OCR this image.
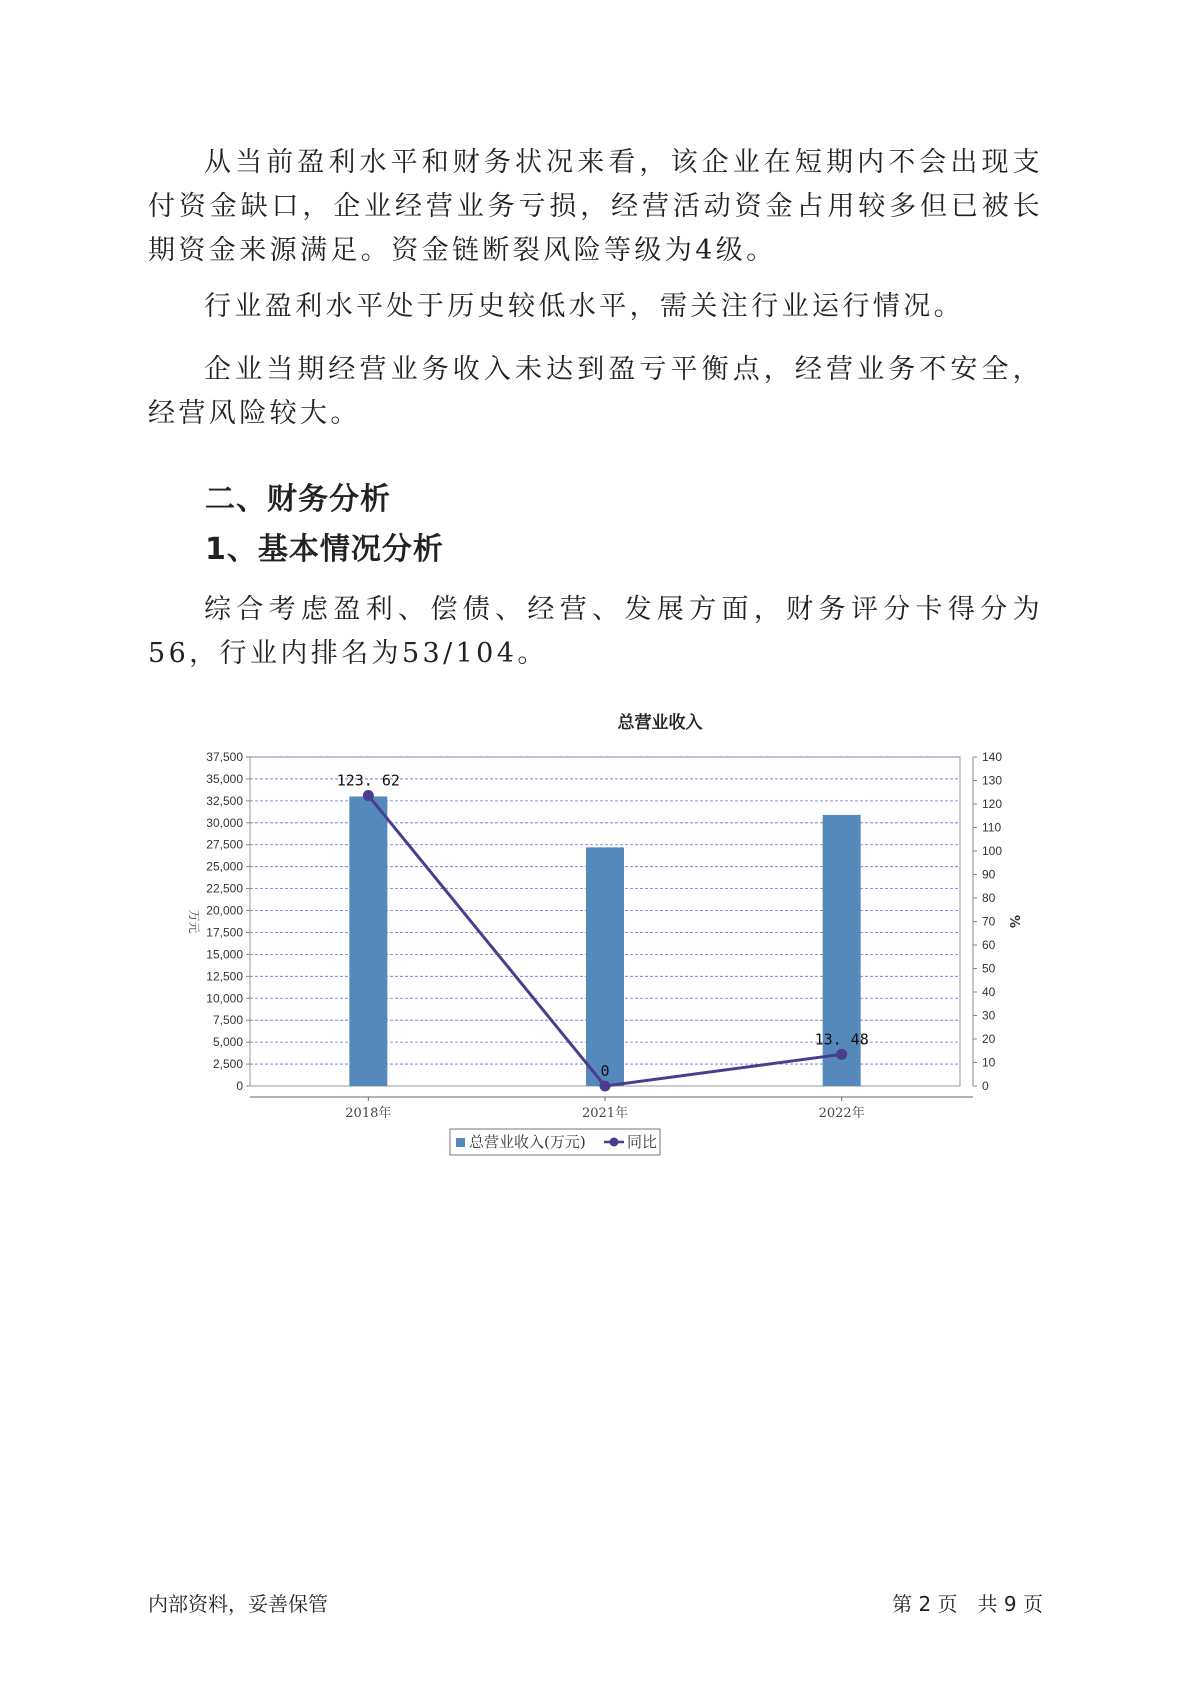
从当前盈利水平和财务状况来看，该企业在短期内不会出现支付资金缺口，企业经营业务亏损，经营活动资金占用较多但已被长期资金来源满足。资金链断裂风险等级为4级。

行业盈利水平处于历史较低水平，需关注行业运行情况。

企业当期经营业务收入未达到盈亏平衡点，经营业务不安全，经营风险较大。

二、财务分析
1、基本情况分析

综合考虑盈利、偿债、经营、发展方面，财务评分卡得分为56，行业内排名为53/104。

总营业收入
0
2,500
5,000
7,500
10,000
12,500
15,000
17,500
20,000
22,500
25,000
27,500
30,000
32,500
35,000
37,500
0
10
20
30
40
50
60
70
80
90
100
110
120
130
140
万元	%
2018年	2021年	2022年
123. 62
0
13. 48
总营业收入(万元)	同比

内部资料，妥善保管	第 2 页　共 9 页
